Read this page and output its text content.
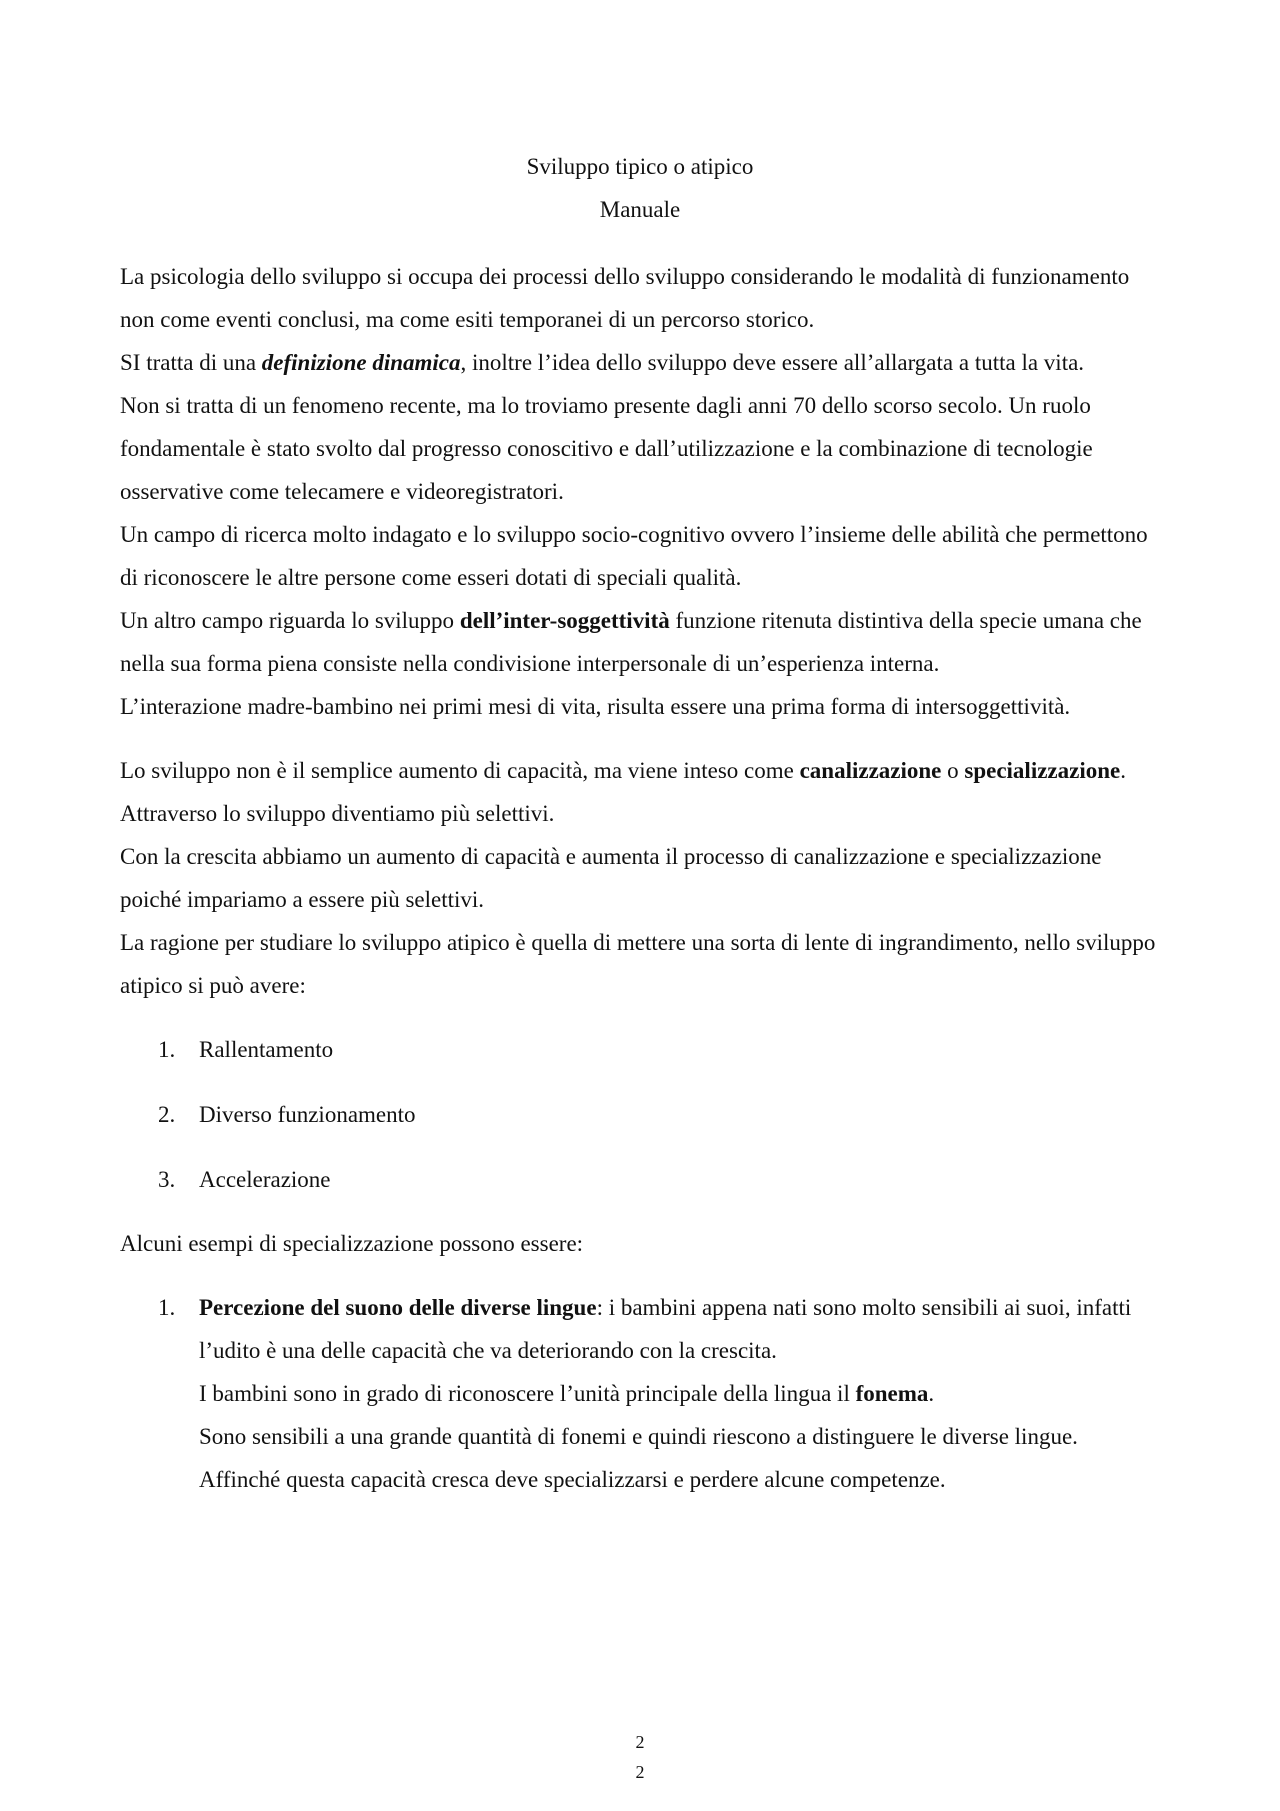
Sviluppo tipico o atipico
Manuale

La psicologia dello sviluppo si occupa dei processi dello sviluppo considerando le modalità di funzionamento non come eventi conclusi, ma come esiti temporanei di un percorso storico.

SI tratta di una definizione dinamica, inoltre l’idea dello sviluppo deve essere all’allargata a tutta la vita.

Non si tratta di un fenomeno recente, ma lo troviamo presente dagli anni 70 dello scorso secolo. Un ruolo fondamentale è stato svolto dal progresso conoscitivo e dall’utilizzazione e la combinazione di tecnologie osservative come telecamere e videoregistratori.

Un campo di ricerca molto indagato e lo sviluppo socio-cognitivo ovvero l’insieme delle abilità che permettono di riconoscere le altre persone come esseri dotati di speciali qualità.

Un altro campo riguarda lo sviluppo dell’inter-soggettività funzione ritenuta distintiva della specie umana che nella sua forma piena consiste nella condivisione interpersonale di un’esperienza interna.

L’interazione madre-bambino nei primi mesi di vita, risulta essere una prima forma di intersoggettività.

Lo sviluppo non è il semplice aumento di capacità, ma viene inteso come canalizzazione o specializzazione. Attraverso lo sviluppo diventiamo più selettivi.

Con la crescita abbiamo un aumento di capacità e aumenta il processo di canalizzazione e specializzazione poiché impariamo a essere più selettivi.

La ragione per studiare lo sviluppo atipico è quella di mettere una sorta di lente di ingrandimento, nello sviluppo atipico si può avere:

1. Rallentamento
2. Diverso funzionamento
3. Accelerazione

Alcuni esempi di specializzazione possono essere:

1. Percezione del suono delle diverse lingue: i bambini appena nati sono molto sensibili ai suoi, infatti l’udito è una delle capacità che va deteriorando con la crescita.
I bambini sono in grado di riconoscere l’unità principale della lingua il fonema.
Sono sensibili a una grande quantità di fonemi e quindi riescono a distinguere le diverse lingue. Affinché questa capacità cresca deve specializzarsi e perdere alcune competenze.
2
2
